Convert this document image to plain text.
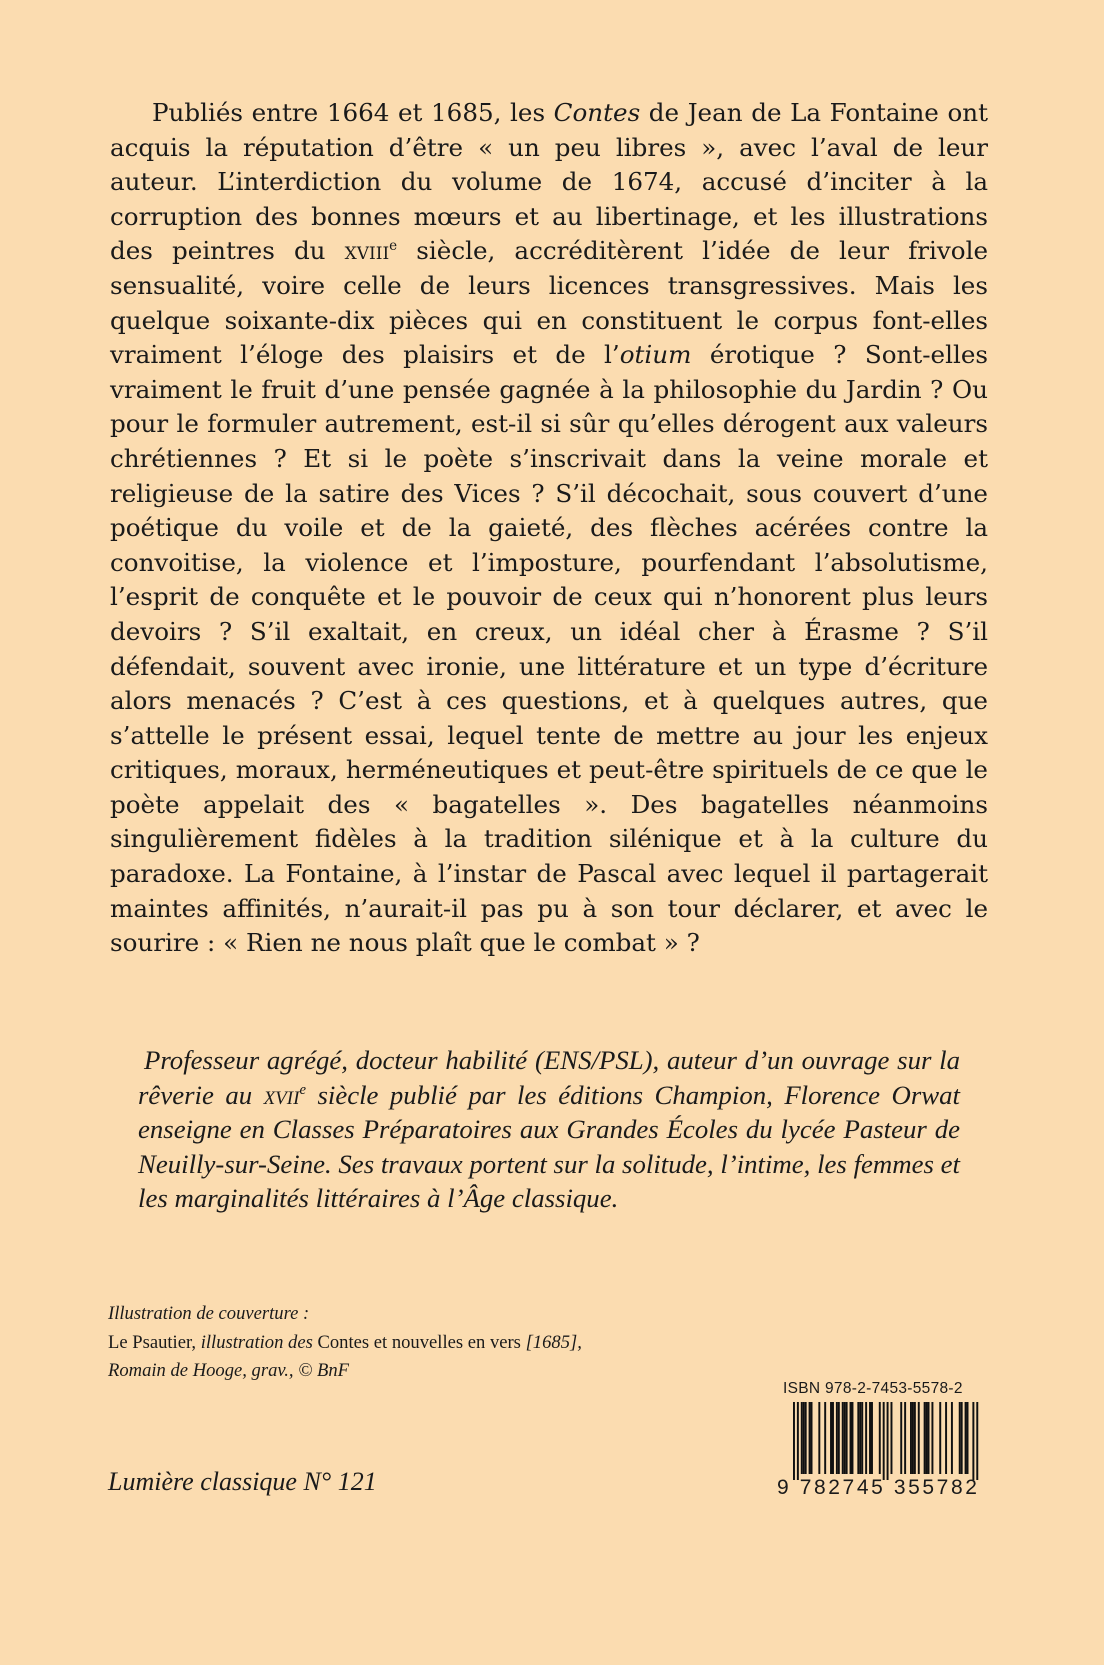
Publiés entre 1664 et 1685, les Contes de Jean de La Fontaine ont acquis la réputation d’être « un peu libres », avec l’aval de leur auteur. L’interdiction du volume de 1674, accusé d’inciter à la corruption des bonnes mœurs et au libertinage, et les illustrations des peintres du xviii$^e$ siècle, accréditèrent l’idée de leur frivole sensualité, voire celle de leurs licences transgressives. Mais les quelque soixante-dix pièces qui en constituent le corpus font-elles vraiment l’éloge des plaisirs et de l’otium érotique ? Sont-elles vraiment le fruit d’une pensée gagnée à la philosophie du Jardin ? Ou pour le formuler autrement, est-il si sûr qu’elles dérogent aux valeurs chrétiennes ? Et si le poète s’inscrivait dans la veine morale et religieuse de la satire des Vices ? S’il décochait, sous couvert d’une poétique du voile et de la gaieté, des flèches acérées contre la convoitise, la violence et l’imposture, pourfendant l’absolutisme, l’esprit de conquête et le pouvoir de ceux qui n’honorent plus leurs devoirs ? S’il exaltait, en creux, un idéal cher à Érasme ? S’il défendait, souvent avec ironie, une littérature et un type d’écriture alors menacés ? C’est à ces questions, et à quelques autres, que s’attelle le présent essai, lequel tente de mettre au jour les enjeux critiques, moraux, herméneutiques et peut-être spirituels de ce que le poète appelait des « bagatelles ». Des bagatelles néanmoins singulièrement fidèles à la tradition silénique et à la culture du paradoxe. La Fontaine, à l’instar de Pascal avec lequel il partagerait maintes affinités, n’aurait-il pas pu à son tour déclarer, et avec le sourire : « Rien ne nous plaît que le combat » ?

Professeur agrégé, docteur habilité (ENS/PSL), auteur d’un ouvrage sur la rêverie au xvii$^e$ siècle publié par les éditions Champion, Florence Orwat enseigne en Classes Préparatoires aux Grandes Écoles du lycée Pasteur de Neuilly-sur-Seine. Ses travaux portent sur la solitude, l’intime, les femmes et les marginalités littéraires à l’Âge classique.

Illustration de couverture :
Le Psautier, illustration des Contes et nouvelles en vers [1685],
Romain de Hooge, grav., © BnF
Lumière classique N° 121
ISBN 978-2-7453-5578-2
9 782745 355782
